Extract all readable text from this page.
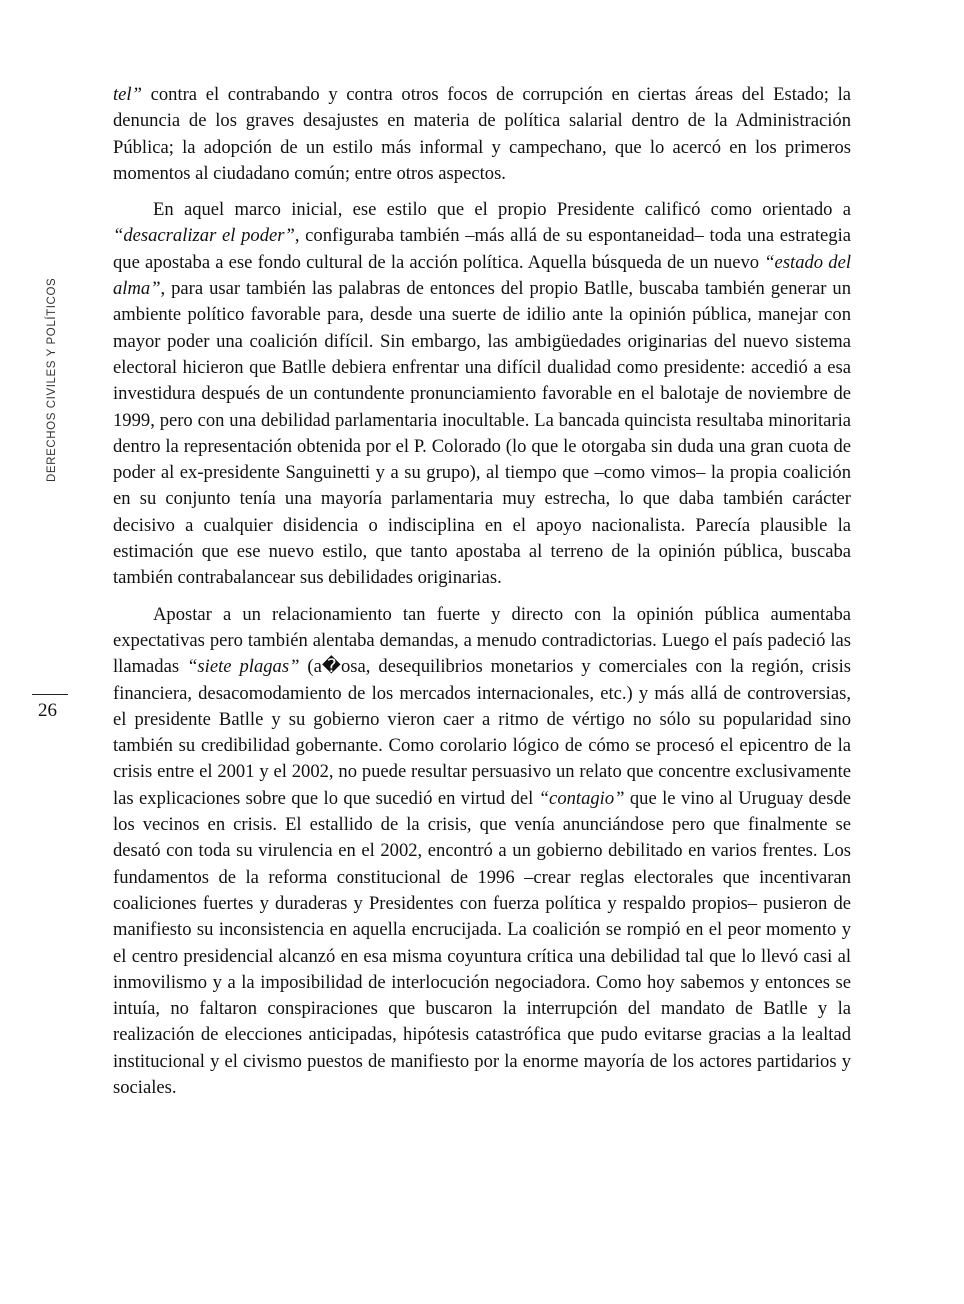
DERECHOS CIVILES Y POLÍTICOS
26

tel” contra el contrabando y contra otros focos de corrupción en ciertas áreas del Estado; la denuncia de los graves desajustes en materia de política salarial dentro de la Administración Pública; la adopción de un estilo más informal y campechano, que lo acercó en los primeros momentos al ciudadano común; entre otros aspectos.

En aquel marco inicial, ese estilo que el propio Presidente calificó como orientado a “desacralizar el poder”, configuraba también –más allá de su espontaneidad– toda una estrategia que apostaba a ese fondo cultural de la acción política. Aquella búsqueda de un nuevo “estado del alma”, para usar también las palabras de entonces del propio Batlle, buscaba también generar un ambiente político favorable para, desde una suerte de idilio ante la opinión pública, manejar con mayor poder una coalición difícil. Sin embargo, las ambigüedades originarias del nuevo sistema electoral hicieron que Batlle debiera enfrentar una difícil dualidad como presidente: accedió a esa investidura después de un contundente pronunciamiento favorable en el balotaje de noviembre de 1999, pero con una debilidad parlamentaria inocultable. La bancada quincista resultaba minoritaria dentro la representación obtenida por el P. Colorado (lo que le otorgaba sin duda una gran cuota de poder al ex-presidente Sanguinetti y a su grupo), al tiempo que –como vimos– la propia coalición en su conjunto tenía una mayoría parlamentaria muy estrecha, lo que daba también carácter decisivo a cualquier disidencia o indisciplina en el apoyo nacionalista. Parecía plausible la estimación que ese nuevo estilo, que tanto apostaba al terreno de la opinión pública, buscaba también contrabalancear sus debilidades originarias.

Apostar a un relacionamiento tan fuerte y directo con la opinión pública aumentaba expectativas pero también alentaba demandas, a menudo contradictorias. Luego el país padeció las llamadas “siete plagas” (a�osa, desequilibrios monetarios y comerciales con la región, crisis financiera, desacomodamiento de los mercados internacionales, etc.) y más allá de controversias, el presidente Batlle y su gobierno vieron caer a ritmo de vértigo no sólo su popularidad sino también su credibilidad gobernante. Como corolario lógico de cómo se procesó el epicentro de la crisis entre el 2001 y el 2002, no puede resultar persuasivo un relato que concentre exclusivamente las explicaciones sobre que lo que sucedió en virtud del “contagio” que le vino al Uruguay desde los vecinos en crisis. El estallido de la crisis, que venía anunciándose pero que finalmente se desató con toda su virulencia en el 2002, encontró a un gobierno debilitado en varios frentes. Los fundamentos de la reforma constitucional de 1996 –crear reglas electorales que incentivaran coaliciones fuertes y duraderas y Presidentes con fuerza política y respaldo propios– pusieron de manifiesto su inconsistencia en aquella encrucijada. La coalición se rompió en el peor momento y el centro presidencial alcanzó en esa misma coyuntura crítica una debilidad tal que lo llevó casi al inmovilismo y a la imposibilidad de interlocución negociadora. Como hoy sabemos y entonces se intuía, no faltaron conspiraciones que buscaron la interrupción del mandato de Batlle y la realización de elecciones anticipadas, hipótesis catastrófica que pudo evitarse gracias a la lealtad institucional y el civismo puestos de manifiesto por la enorme mayoría de los actores partidarios y sociales.
